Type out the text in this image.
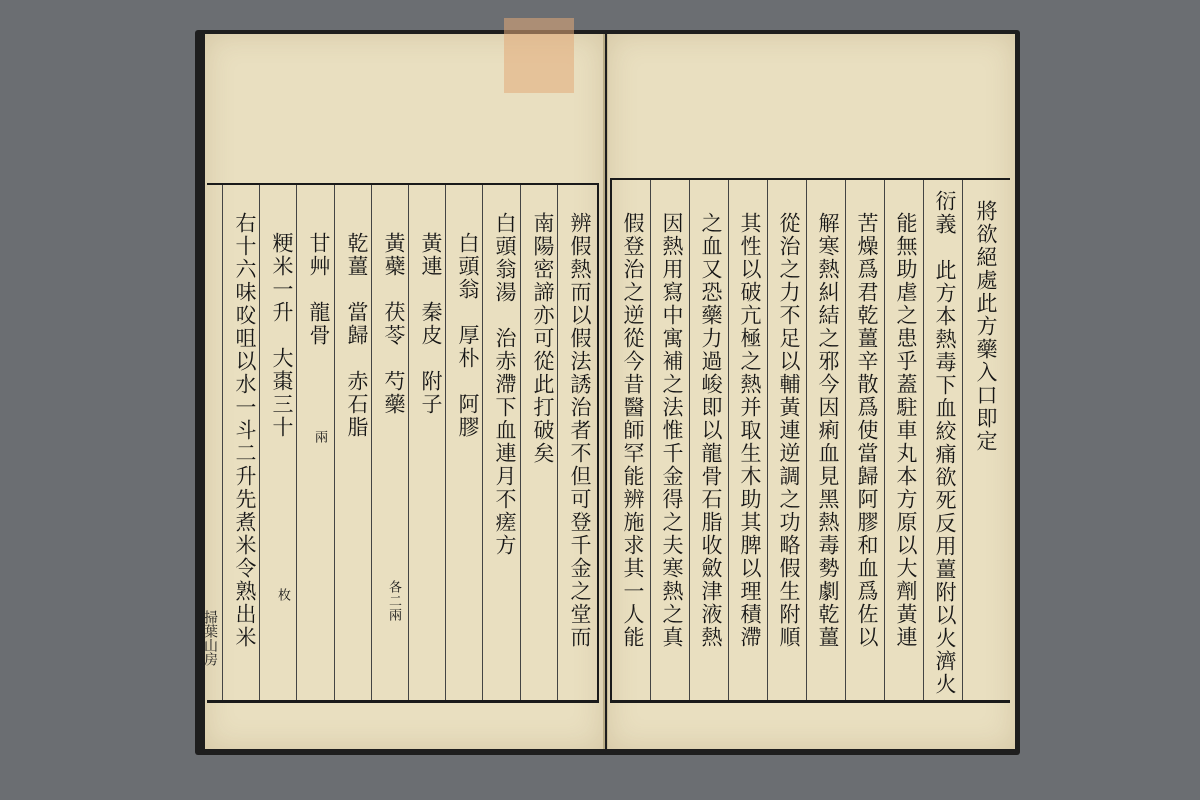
辨假熱而以假法誘治者不但可登千金之堂而
南陽密諦亦可從此打破矣
白頭翁湯　治赤滯下血連月不瘥方
白頭翁　厚朴　阿膠
黃連　秦皮　附子
黃蘗　茯苓　芍藥
乾薑　當歸　赤石脂
甘艸　龍骨
粳米一升　大棗三十
右十六味㕮咀以水一斗二升先煮米令熟出米	各二兩
兩
枚
掃葉山房
將欲絕處此方藥入口即定
衍義　此方本熱毒下血絞痛欲死反用薑附以火濟火
能無助虐之患乎蓋駐車丸本方原以大劑黃連
苦燥爲君乾薑辛散爲使當歸阿膠和血爲佐以
解寒熱糾結之邪今因痢血見黑熱毒勢劇乾薑
從治之力不足以輔黃連逆調之功略假生附順
其性以破亢極之熱并取生木助其脾以理積滯
之血又恐藥力過峻即以龍骨石脂收斂津液熱
因熱用寫中寓補之法惟千金得之夫寒熱之真
假登治之逆從今昔醫師罕能辨施求其一人能
